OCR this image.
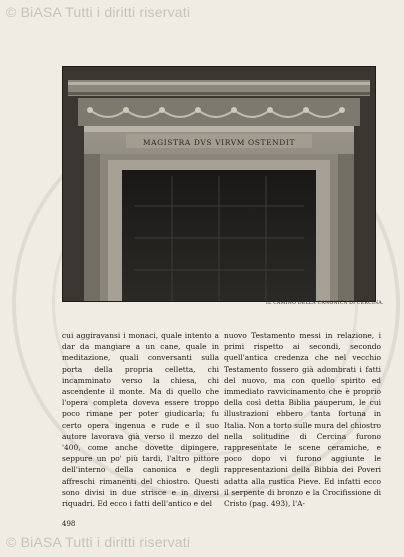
© BiASA Tutti i diritti riservati
MAGISTRA DVS VIRVM OSTENDIT
IL CAMINO DELLA CANONICA DI CERCINA.

cui aggiravansi i monaci, quale intento a dar da mangiare a un cane, quale in meditazione, quali conversanti sulla porta della propria celletta, chi incamminato verso la chiesa, chi ascendente il monte. Ma di quello che l'opera completa doveva essere troppo poco rimane per poter giudicarla; fu certo opera ingenua e rude e il suo autore lavorava già verso il mezzo del '400, come anche dovette dipingere, seppure un po' più tardi, l'altro pittore dell'interno della canonica e degli affreschi rimanenti del chiostro. Questi sono divisi in due strisce e in diversi riquadri. Ed ecco i fatti dell'antico e del

nuovo Testamento messi in relazione, i primi rispetto ai secondi, secondo quell'antica credenza che nel vecchio Testamento fossero già adombrati i fatti del nuovo, ma con quello spirito ed immediato ravvicinamento che è proprio della così detta Biblia pauperum, le cui illustrazioni ebbero tanta fortuna in Italia. Non a torto sulle mura del chiostro nella solitudine di Cercina furono rappresentate le scene ceramiche, e poco dopo vi furono aggiunte le rappresentazioni della Bibbia dei Poveri adatta alla rustica Pieve. Ed infatti ecco il serpente di bronzo e la Crocifissione di Cristo (pag. 493), l'A-

498
© BiASA Tutti i diritti riservati
